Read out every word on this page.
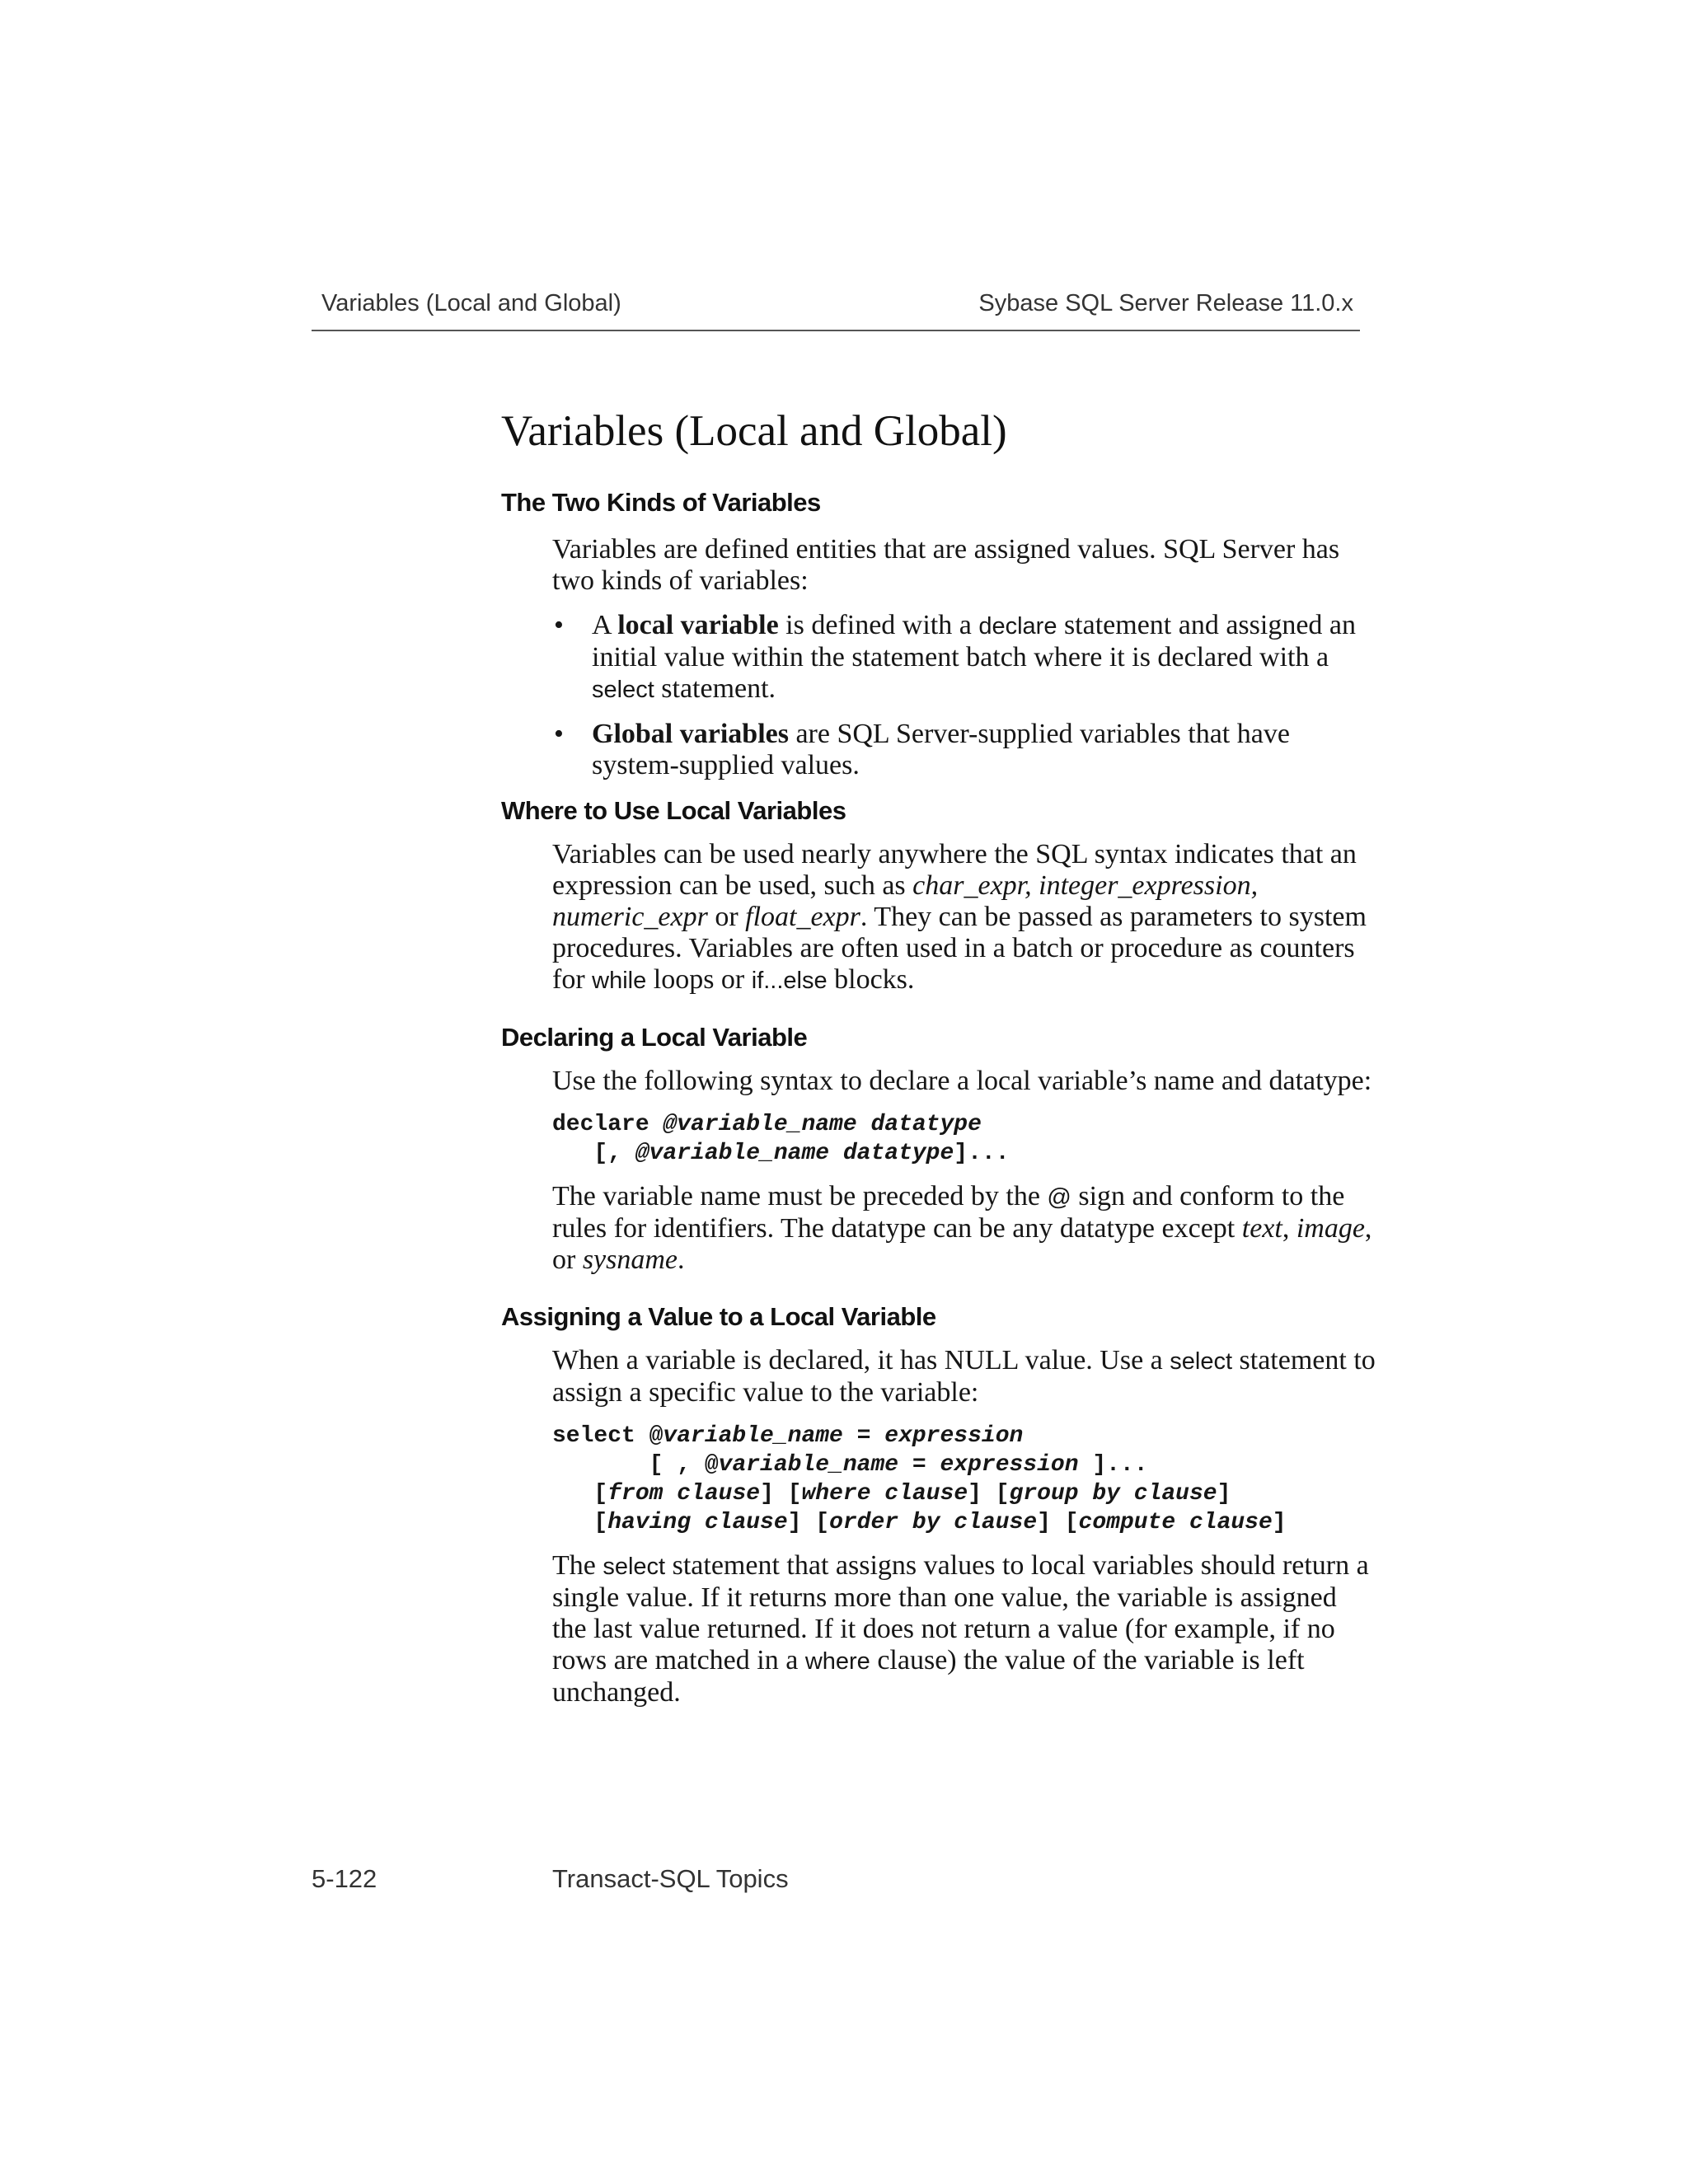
Variables (Local and Global)	Sybase SQL Server Release 11.0.x
Variables (Local and Global)
The Two Kinds of Variables

Variables are defined entities that are assigned values. SQL Server has two kinds of variables:

• A local variable is defined with a declare statement and assigned an initial value within the statement batch where it is declared with a select statement.
• Global variables are SQL Server-supplied variables that have system-supplied values.
Where to Use Local Variables

Variables can be used nearly anywhere the SQL syntax indicates that an expression can be used, such as char_expr, integer_expression, numeric_expr or float_expr. They can be passed as parameters to system procedures. Variables are often used in a batch or procedure as counters for while loops or if...else blocks.

Declaring a Local Variable

Use the following syntax to declare a local variable’s name and datatype:

declare @variable_name datatype
[, @variable_name datatype]...

The variable name must be preceded by the @ sign and conform to the rules for identifiers. The datatype can be any datatype except text, image, or sysname.

Assigning a Value to a Local Variable

When a variable is declared, it has NULL value. Use a select statement to assign a specific value to the variable:

select @variable_name = expression
[ , @variable_name = expression ]...
[from clause] [where clause] [group by clause]
[having clause] [order by clause] [compute clause]

The select statement that assigns values to local variables should return a single value. If it returns more than one value, the variable is assigned the last value returned. If it does not return a value (for example, if no rows are matched in a where clause) the value of the variable is left unchanged.

5-122	Transact-SQL Topics
